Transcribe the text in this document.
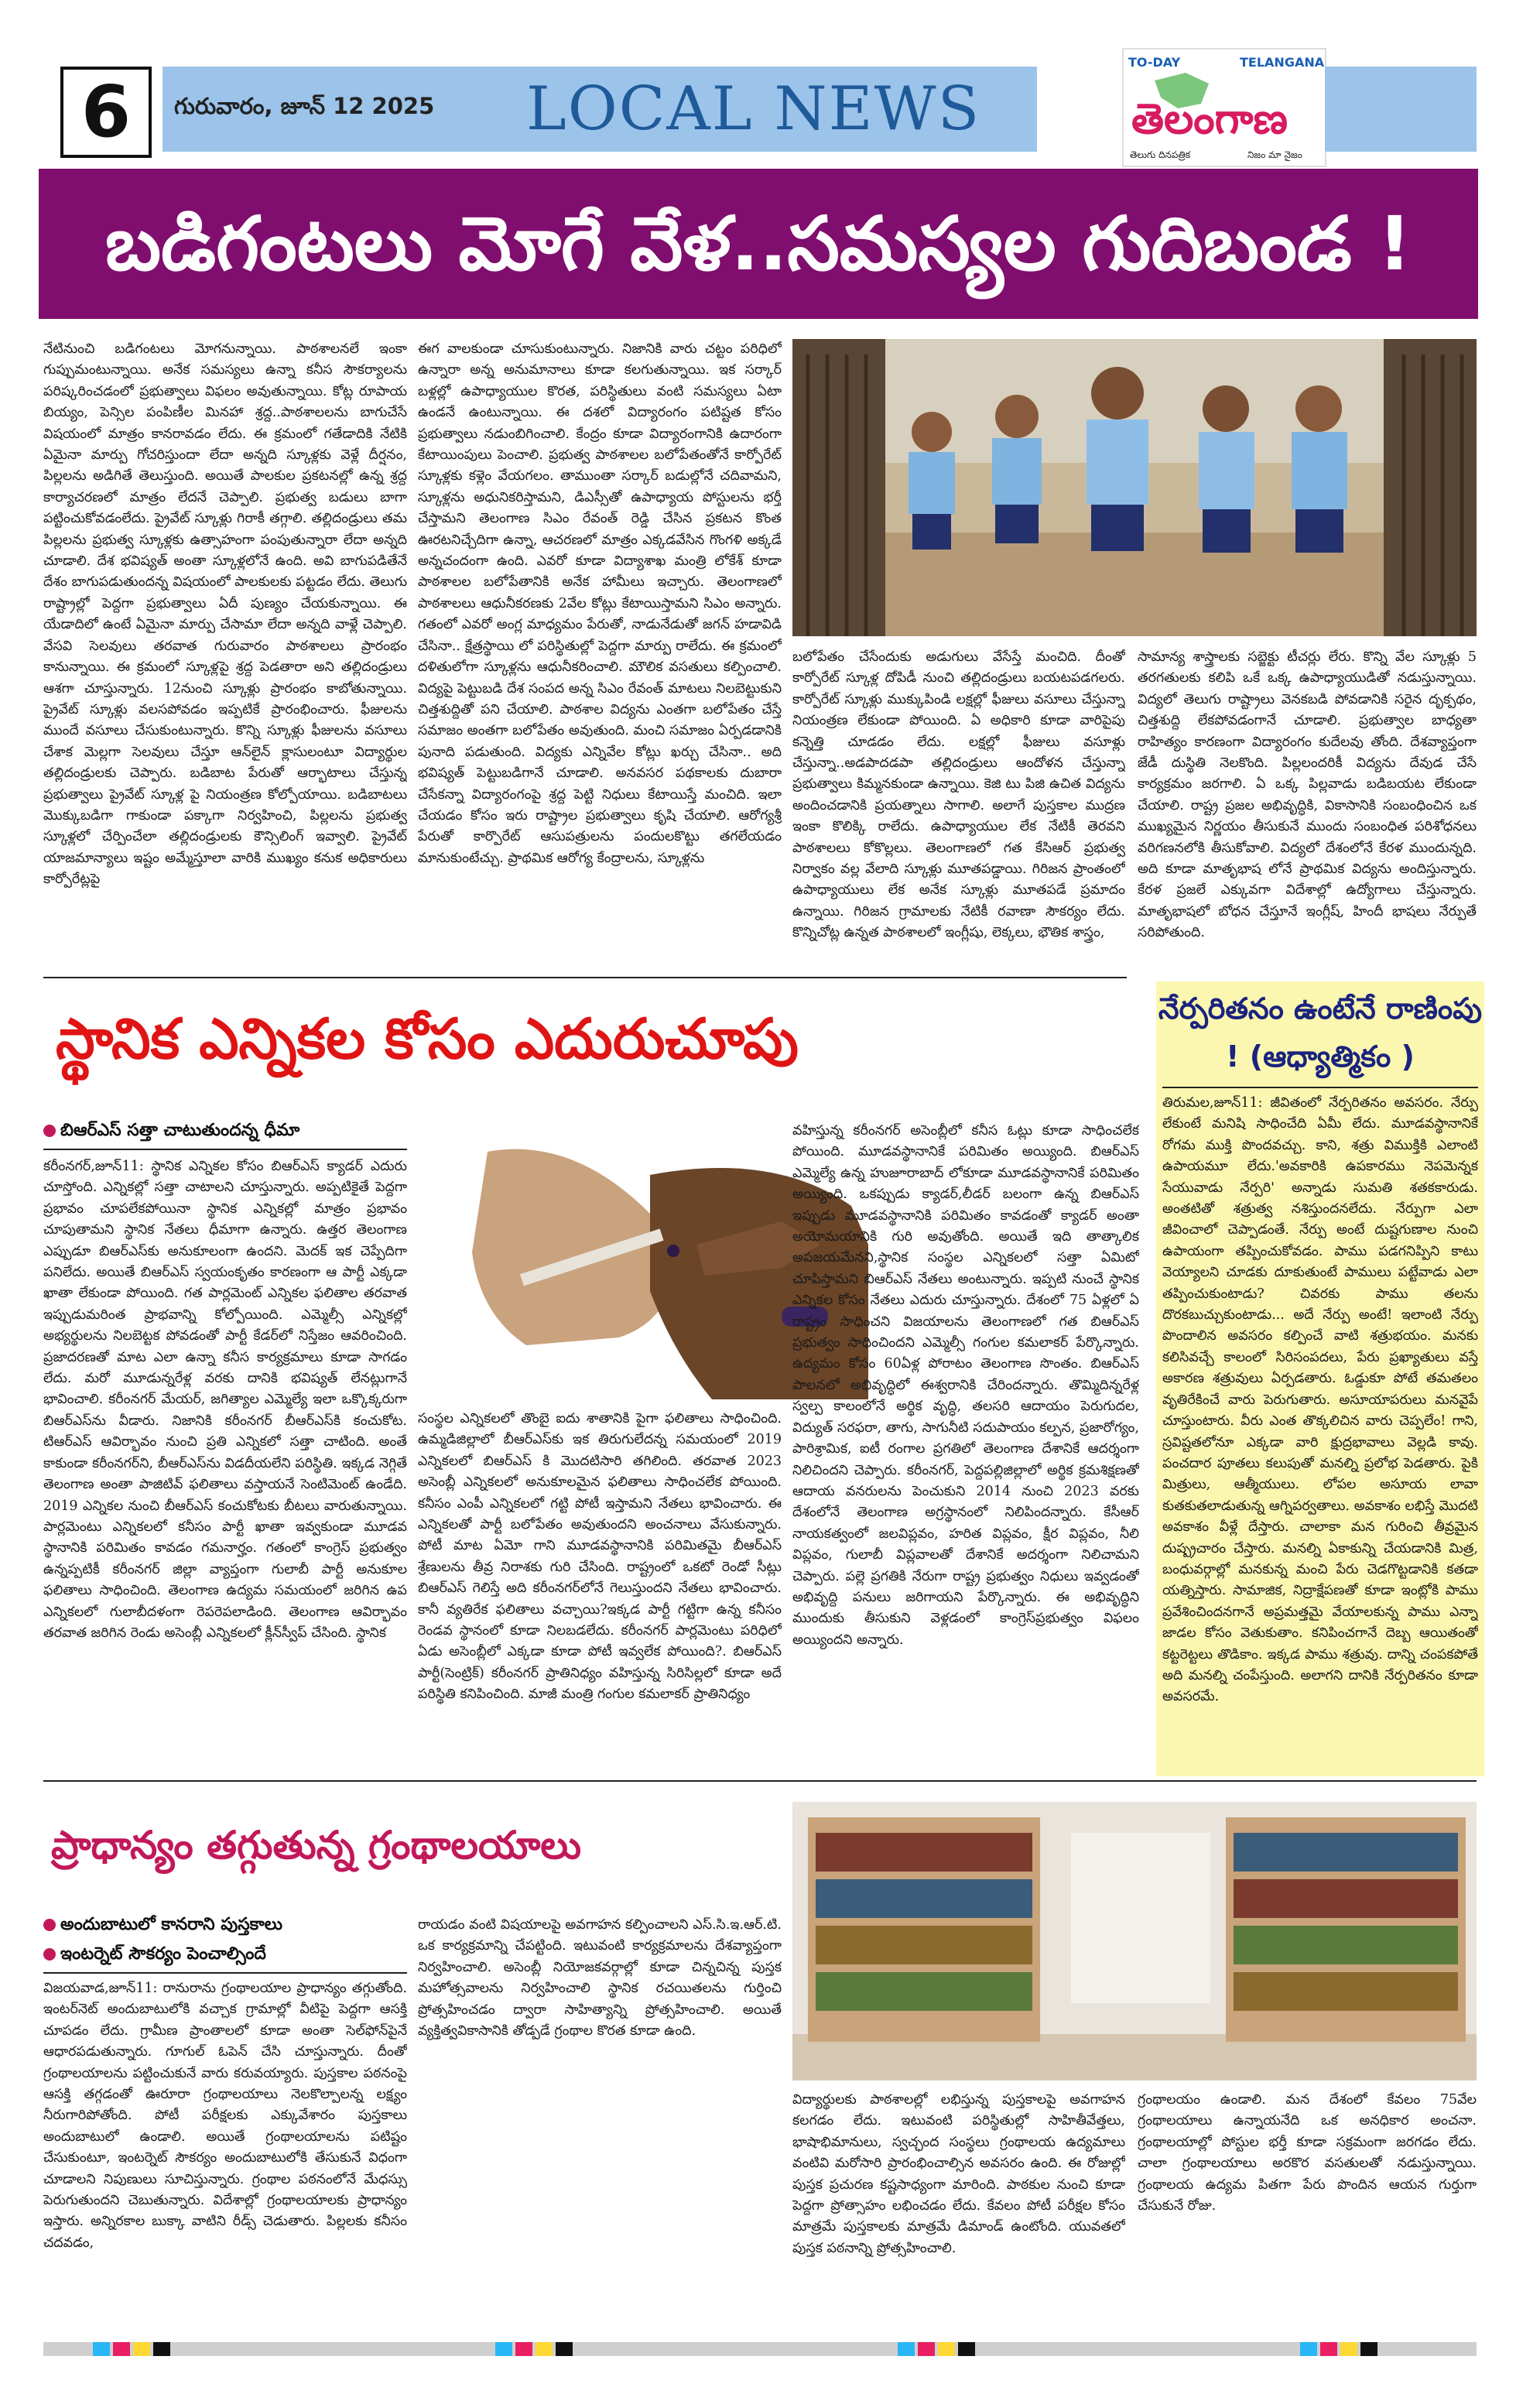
6	గురువారం, జూన్ 12 2025 LOCAL NEWS
TO-DAY	TELANGANA
తెలంగాణ
తెలుగు దినపత్రిక	నిజం మా నైజం
బడిగంటలు మోగే వేళ..సమస్యల గుదిబండ !
నేటినుంచి బడిగంటలు మోగనున్నాయి. పాఠశాలనలే ఇంకా గుప్పుమంటున్నాయి. అనేక సమస్యలు ఉన్నా కనీస సౌకర్యాలను పరిష్కరించడంలో ప్రభుత్వాలు విఫలం అవుతున్నాయి. కోట్ల రూపాయ బియ్యం, పెన్సిల పంపిణీల మినహా శ్రద్ద..పాఠశాలలను బాగుచేసే విషయంలో మాత్రం కానరావడం లేదు. ఈ క్రమంలో గతేడాదికి నేటికి ఏమైనా మార్పు గోచరిస్తుందా లేదా అన్నది స్కూళ్లకు వెళ్లే దీర్షనం, పిల్లలను అడిగితే తెలుస్తుంది. అయితే పాలకుల ప్రకటనల్లో ఉన్న శ్రద్ద కార్యాచరణలో మాత్రం లేదనే చెప్పాలి. ప్రభుత్వ బడులు బాగా పట్టించుకోవడంలేదు. ప్రైవేట్ స్కూళ్లు గిరాకీ తగ్గాలి. తల్లిదండ్రులు తమ పిల్లలను ప్రభుత్వ స్కూళ్లకు ఉత్సాహంగా పంపుతున్నారా లేదా అన్నది చూడాలి. దేశ భవిష్యత్ అంతా స్కూళ్లలోనే ఉంది. అవి బాగుపడితేనే దేశం బాగుపడుతుందన్న విషయంలో పాలకులకు పట్టడం లేదు. తెలుగు రాష్ట్రాల్లో పెద్దగా ప్రభుత్వాలు ఏదీ పుణ్యం చేయకున్నాయి. ఈ యేడాదిలో ఉంటే ఏమైనా మార్పు చేసామా లేదా అన్నది వాళ్లే చెప్పాలి. వేసవి సెలవులు తరవాత గురువారం పాఠశాలలు ప్రారంభం కానున్నాయి. ఈ క్రమంలో స్కూళ్లపై శ్రద్ద పెడతారా అని తల్లిదండ్రులు ఆశగా చూస్తున్నారు. 12నుంచి స్కూళ్లు ప్రారంభం కాబోతున్నాయి. ప్రైవేట్ స్కూళ్లు వలసపోవడం ఇప్పటికే ప్రారంభించారు. ఫీజులను ముందే వసూలు చేసుకుంటున్నారు. కొన్ని స్కూళ్లు ఫీజులను వసూలు చేశాక మెల్లగా సెలవులు చేస్తూ ఆన్‌లైన్ క్లాసులంటూ విద్యార్థుల తల్లిదండ్రులకు చెప్పారు. బడిబాట పేరుతో ఆర్భాటాలు చేస్తున్న ప్రభుత్వాలు ప్రైవేట్ స్కూళ్ల పై నియంత్రణ కోల్పోయాయి. బడిబాటలు మొక్కుబడిగా గాకుండా పక్కాగా నిర్వహించి, పిల్లలను ప్రభుత్వ స్కూళ్లలో చేర్పించేలా తల్లిదండ్రులకు కౌన్సిలింగ్ ఇవ్వాలి. ప్రైవేట్ యాజమాన్యాలు ఇష్టం అమ్మేస్తూలా వారికి ముఖ్యం కనుక అధికారులు కార్పోరేట్లపై
ఈగ వాలకుండా చూసుకుంటున్నారు. నిజానికి వారు చట్టం పరిధిలో ఉన్నారా అన్న అనుమానాలు కూడా కలగుతున్నాయి. ఇక సర్కార్ బళ్లల్లో ఉపాధ్యాయుల కొరత, పరిస్థితులు వంటి సమస్యలు ఏటా ఉండనే ఉంటున్నాయి. ఈ దశలో విద్యారంగం పటిష్టత కోసం ప్రభుత్వాలు నడుంబిగించాలి. కేంద్రం కూడా విద్యారంగానికి ఉదారంగా కేటాయింపులు పెంచాలి. ప్రభుత్వ పాఠశాలల బలోపేతంతోనే కార్పోరేట్ స్కూళ్లకు కళ్లెం వేయగలం. తాముంతా సర్కార్ బడుల్లోనే చదివామని, స్కూళ్లను అధునికరిస్తామని, డిఎస్సీతో ఉపాధ్యాయ పోస్టులను భర్తీ చేస్తామని తెలంగాణ సిఎం రేవంత్ రెడ్డి చేసిన ప్రకటన కొంత ఊరటనిచ్చేదిగా ఉన్నా, ఆచరణలో మాత్రం ఎక్కడవేసిన గొంగళి అక్కడే అన్నచందంగా ఉంది. ఎవరో కూడా విద్యాశాఖ మంత్రి లోకేశ్ కూడా పాఠశాలల బలోపేతానికి అనేక హామీలు ఇచ్చారు. తెలంగాణలో పాఠశాలలు ఆధునీకరణకు 2వేల కోట్లు కేటాయిస్తామని సిఎం అన్నారు. గతంలో ఎవరో అంగ్ల మాధ్యమం పేరుతో, నాడునేడుతో జగన్ హడావిడి చేసినా.. క్షేత్రస్థాయి లో పరిస్థితుల్లో పెద్దగా మార్పు రాలేదు. ఈ క్రమంలో దళితులోగా స్కూళ్లను ఆధునీకరించాలి. మౌలిక వసతులు కల్పించాలి. విద్యపై పెట్టుబడి దేశ సంపద అన్న సిఎం రేవంత్ మాటలు నిలబెట్టుకుని చిత్తశుద్దితో పని చేయాలి. పాఠశాల విద్యను ఎంతగా బలోపేతం చేస్తే సమాజం అంతగా బలోపేతం అవుతుంది. మంచి సమాజం ఏర్పడడానికి పునాది పడుతుంది. విద్యకు ఎన్నివేల కోట్లు ఖర్చు చేసినా.. అది భవిష్యత్ పెట్టుబడిగానే చూడాలి. అనవసర పథకాలకు దుబారా చేసేకన్నా విద్యారంగంపై శ్రద్ద పెట్టి నిధులు కేటాయిస్తే మంచిది. ఇలా చేయడం కోసం ఇరు రాష్ట్రాల ప్రభుత్వాలు కృషి చేయాలి. ఆరోగ్యశ్రీ పేరుతో కార్పొరేట్ ఆసుపత్రులను పందులకొట్టు తగలేయడం మానుకుంటేచ్చు. ప్రాథమిక ఆరోగ్య కేంద్రాలను, స్కూళ్లను
బలోపేతం చేసేందుకు అడుగులు వేసేస్తే మంచిది. దీంతో కార్పోరేట్ స్కూళ్ల దోపిడీ నుంచి తల్లిదండ్రులు బయటపడగలరు. కార్పోరేట్ స్కూళ్లు ముక్కుపిండి లక్షల్లో ఫీజులు వసూలు చేస్తున్నా నియంత్రణ లేకుండా పోయింది. ఏ అధికారి కూడా వారిపైపు కన్నెత్తి చూడడం లేదు. లక్షల్లో ఫీజులు వసూళ్లు చేస్తున్నా..అడపాదడపా తల్లిదండ్రులు ఆందోళన చేస్తున్నా ప్రభుత్వాలు కిమ్మనకుండా ఉన్నాయి. కెజి టు పిజి ఉచిత విద్యను అందించడానికి ప్రయత్నాలు సాగాలి. అలాగే పుస్తకాల ముద్రణ ఇంకా కొలిక్కి రాలేదు. ఉపాధ్యాయుల లేక నేటికీ తెరవని పాఠశాలలు కోకొల్లలు. తెలంగాణలో గత కేసిఆర్ ప్రభుత్వ నిర్వాకం వల్ల వేలాది స్కూళ్లు మూతపడ్డాయి. గిరిజన ప్రాంతంలో ఉపాధ్యాయులు లేక అనేక స్కూళ్లు మూతపడే ప్రమాదం ఉన్నాయి. గిరిజన గ్రామాలకు నేటికీ రవాణా సౌకర్యం లేదు. కొన్నిచోట్ల ఉన్నత పాఠశాలలో ఇంగ్లీషు, లెక్కలు, భౌతిక శాస్త్రం,
సామాన్య శాస్త్రాలకు సబ్జెక్టు టీచర్లు లేరు. కొన్ని వేల స్కూళ్లు 5 తరగతులకు కలిపి ఒకే ఒక్క ఉపాధ్యాయుడితో నడుస్తున్నాయి. విద్యలో తెలుగు రాష్ట్రాలు వెనకబడి పోవడానికి సరైన దృక్పథం, చిత్తశుద్ది లేకపోవడంగానే చూడాలి. ప్రభుత్వాల బాధ్యతా రాహిత్యం కారణంగా విద్యారంగం కుదేలవు తోంది. దేశవ్యాప్తంగా జేడీ దుస్థితి నెలకొంది. పిల్లలందరికీ విద్యను దేవుడ చేసే కార్యక్రమం జరగాలి. ఏ ఒక్క పిల్లవాడు బడిబయట లేకుండా చేయాలి. రాష్ట్ర ప్రజల అభివృద్ధికి, వికాసానికి సంబంధించిన ఒక ముఖ్యమైన నిర్ణయం తీసుకునే ముందు సంబంధిత పరిశోధనలు వరిగణనలోకి తీసుకోవాలి. విద్యలో దేశంలోనే కేరళ ముందున్నది. అది కూడా మాతృభాష లోనే ప్రాథమిక విద్యను అందిస్తున్నారు. కేరళ ప్రజలే ఎక్కువగా విదేశాల్లో ఉద్యోగాలు చేస్తున్నారు. మాతృభాషలో బోధన చేస్తూనే ఇంగ్లీష్, హిందీ భాషలు నేర్పుతే సరిపోతుంది.
స్థానిక ఎన్నికల కోసం ఎదురుచూపు
బిఆర్ఎస్ సత్తా చాటుతుందన్న ధీమా
కరీంనగర్,జూన్11: స్థానిక ఎన్నికల కోసం బిఆర్ఎస్ క్యాడర్ ఎదురు చూస్తోంది. ఎన్నికల్లో సత్తా చాటాలని చూస్తున్నారు. అప్పటికైతే పెద్దగా ప్రభావం చూపలేకపోయినా స్థానిక ఎన్నికల్లో మాత్రం ప్రభావం చూపుతామని స్థానిక నేతలు ధీమాగా ఉన్నారు. ఉత్తర తెలంగాణ ఎప్పుడూ బిఆర్ఎస్‌కు అనుకూలంగా ఉందని. మెదక్ ఇక చెప్పేదిగా పనిలేదు. అయితే బిఆర్ఎస్ స్వయంకృతం కారణంగా ఆ పార్టీ ఎక్కడా ఖాతా లేకుండా పోయింది. గత పార్లమెంట్ ఎన్నికల ఫలితాల తరవాత ఇప్పుడుమరింత ప్రాభవాన్ని కోల్పోయింది. ఎమ్మెల్సీ ఎన్నికల్లో అభ్యర్థులను నిలబెట్టక పోవడంతో పార్టీ కేడర్‌లో నిస్తేజం ఆవరించింది. ప్రజాదరణతో మాట ఎలా ఉన్నా కనీస కార్యక్రమాలు కూడా సాగడం లేదు. మరో మూడున్నరేళ్ల వరకు దానికి భవిష్యత్ లేనట్లుగానే భావించాలి. కరీంనగర్ మేయర్, జగిత్యాల ఎమ్మెల్యే ఇలా ఒక్కొక్కరుగా బిఆర్ఎస్‌ను వీడారు. నిజానికి కరీంనగర్ బీఆర్ఎస్‌కి కంచుకోట. టిఆర్ఎస్ ఆవిర్భావం నుంచి ప్రతి ఎన్నికలో సత్తా చాటింది. అంతే కాకుండా కరీంనగర్‌ని, బీఆర్ఎస్‌ను విడదీయలేని పరిస్థితి. ఇక్కడ నెగ్గితే తెలంగాణ అంతా పాజిటివ్ ఫలితాలు వస్తాయనే సెంటిమెంట్ ఉండేది. 2019 ఎన్నికల నుంచి బీఆర్ఎస్ కంచుకోటకు బీటలు వారుతున్నాయి. పార్లమెంటు ఎన్నికలలో కనీసం పార్టీ ఖాతా ఇవ్వకుండా మూడవ స్థానానికి పరిమితం కావడం గమనార్హం. గతంలో కాంగ్రెస్ ప్రభుత్వం ఉన్నప్పటికీ కరీంనగర్ జిల్లా వ్యాప్తంగా గులాబీ పార్టీ అనుకూల ఫలితాలు సాధించింది. తెలంగాణ ఉద్యమ సమయంలో జరిగిన ఉప ఎన్నికలలో గులాబీదళంగా రెపరెపలాడింది. తెలంగాణ ఆవిర్భావం తరవాత జరిగిన రెండు అసెంబ్లీ ఎన్నికలలో క్లీన్‌స్వీప్ చేసింది. స్థానిక
సంస్థల ఎన్నికలలో తొంబై ఐదు శాతానికి పైగా ఫలితాలు సాధించింది. ఉమ్మడిజిల్లాలో బీఆర్ఎస్‌కు ఇక తిరుగులేదన్న సమయంలో 2019 ఎన్నికలలో బిఆర్ఎస్ కి మొదటిసారి తగిలింది. తరవాత 2023 అసెంబ్లీ ఎన్నికలలో అనుకూలమైన ఫలితాలు సాధించలేక పోయింది. కనీసం ఎంపీ ఎన్నికలలో గట్టి పోటీ ఇస్తామని నేతలు భావించారు. ఈ ఎన్నికలతో పార్టీ బలోపేతం అవుతుందని అంచనాలు వేసుకున్నారు. పోటీ మాట ఏమో గాని మూడవస్థానానికి పరిమితమై బీఆర్ఎస్ శ్రేణులను తీవ్ర నిరాశకు గురి చేసింది. రాష్ట్రంలో ఒకటో రెండో సీట్లు బిఆర్ఎస్ గెలిస్తే అది కరీంనగర్‌లోనే గెలుస్తుందని నేతలు భావించారు. కానీ వ్యతిరేక ఫలితాలు వచ్చాయి?ఇక్కడ పార్టీ గట్టిగా ఉన్న కనీసం రెండవ స్థానంలో కూడా నిలబడలేదు. కరీంనగర్ పార్లమెంటు పరిధిలో ఏడు అసెంబ్లీలో ఎక్కడా కూడా పోటీ ఇవ్వలేక పోయింది?. బిఆర్ఎస్ పార్టీ(సెంట్రిక్) కరీంనగర్ ప్రాతినిధ్యం వహిస్తున్న సిరిసిల్లలో కూడా అదే పరిస్థితి కనిపించింది. మాజీ మంత్రి గంగుల కమలాకర్ ప్రాతినిధ్యం
వహిస్తున్న కరీంనగర్ అసెంబ్లీలో కనీస ఓట్లు కూడా సాధించలేక పోయింది. మూడవస్థానానికే పరిమితం అయ్యింది. బిఆర్ఎస్ ఎమ్మెల్యే ఉన్న హుజూరాబాద్ లోకూడా మూడవస్థానానికే పరిమితం అయ్యింది. ఒకప్పుడు క్యాడర్,లీడర్ బలంగా ఉన్న బిఆర్ఎస్ ఇప్పుడు మూడవస్థానానికి పరిమితం కావడంతో క్యాడర్ అంతా అయోమయానికి గురి అవుతోంది. అయితే ఇది తాత్కాలిక అపజయమేనని,స్థానిక సంస్థల ఎన్నికలలో సత్తా ఏమిటో చూపిస్తామని బిఆర్ఎస్ నేతలు అంటున్నారు. ఇప్పటి నుంచే స్థానిక ఎన్నికల కోసం నేతలు ఎదురు చూస్తున్నారు. దేశంలో 75 ఏళ్లలో ఏ రాష్ట్రం సాధించని విజయాలను తెలంగాణలో గత బిఆర్ఎస్ ప్రభుత్వం సాధించిందని ఎమ్మెల్సీ గంగుల కమలాకర్ పేర్కొన్నారు. ఉద్యమం కోసం 60ఏళ్ల పోరాటం తెలంగాణ సొంతం. బిఆర్ఎస్ పాలనలో అభివృద్ధిలో ఈశ్వరానికి చేరిందన్నారు. తొమ్మిదిన్నరేళ్ల స్వల్ప కాలంలోనే అర్థిక వృద్ధి, తలసరి ఆదాయం పెరుగుదల, విద్యుత్ సరఫరా, తాగు, సాగునీటి సదుపాయం కల్పన, ప్రజారోగ్యం, పారిశ్రామిక, ఐటీ రంగాల ప్రగతిలో తెలంగాణ దేశానికే ఆదర్శంగా నిలిచిందని చెప్పారు. కరీంనగర్, పెద్దపల్లిజిల్లాలో అర్థిక క్రమశిక్షణతో ఆదాయ వనరులను పెంచుకుని 2014 నుంచి 2023 వరకు దేశంలోనే తెలంగాణ అగ్రస్థానంలో నిలిపిందన్నారు. కేసీఆర్ నాయకత్వంలో జలవిప్లవం, హరిత విప్లవం, క్షీర విప్లవం, నీలి విప్లవం, గులాబీ విప్లవాలతో దేశానికే అదర్శంగా నిలిచామని చెప్పారు. పల్లె ప్రగతికి నేరుగా రాష్ట్ర ప్రభుత్వం నిధులు ఇవ్వడంతో అభివృద్ది పనులు జరిగాయని పేర్కొన్నారు. ఈ అభివృద్ధిని ముందుకు తీసుకుని వెళ్లడంలో కాంగ్రెస్‌ప్రభుత్వం విఫలం అయ్యిందని అన్నారు.
నేర్పరితనం ఉంటేనే రాణింపు ! (ఆధ్యాత్మికం )
తిరుమల,జూన్11: జీవితంలో నేర్పరితనం అవసరం. నేర్పు లేకుంటే మనిషి సాధించేది ఏమీ లేదు. మూడవస్థానానికే రోగమ ముక్తి పొందవచ్చు. కాని, శత్రు విముక్తికి ఎలాంటి ఉపాయమూ లేదు.'అవకారికి ఉపకారము నెపమెన్నక సేయువాడు నేర్పరి' అన్నాడు సుమతి శతకకారుడు. అంతటితో శత్రుత్వ నశిస్తుందనలేదు. నేర్పుగా ఎలా జీవించాలో చెప్పాడంతే. నేర్పు అంటే దుష్టగుణాల నుంచి ఉపాయంగా తప్పించుకోవడం. పాము పడగనిప్పిని కాటు వెయ్యాలని చూడకు దూకుతుంటే పాములు పట్టేవాడు ఎలా తప్పించుకుంటాడు? చివరకు పాము తలను దొరకబుచ్చుకుంటాడు... అదే నేర్పు అంటే! ఇలాంటి నేర్పు పొందాలిన అవసరం కల్పించే వాటి శత్రుభయం. మనకు కలిసివచ్చే కాలంలో సిరిసంపదలు, పేరు ప్రఖ్యాతులు వస్తే అకారణ శత్రువులు ఏర్పడతారు. ఓడ్డుకూ పోటే తమతలం వృతిరేకించే వారు పెరుగుతారు. అసూయాపరులు మనవైపే చూస్తుంటారు. వీరు ఎంత తొక్కలిచిన వారు చెప్పలేం! గాని, స్రవిష్టతలోనూ ఎక్కడా వారి క్షుద్రభావాలు వెల్లడి కావు. పంచదార పూతలు కలుపుతో మనల్ని ప్రలోభ పెడతారు. పైకి మిత్రులు, ఆత్మీయులు. లోపల అసూయ లావా కుతకుతలాడుతున్న ఆగ్నిపర్వతాలు. అవకాశం లభిస్తే మొదటి అవకాశం వీళ్లే దేస్తారు. చాలాకా మన గురించి తీవ్రమైన దుష్ప్రచారం చేస్తారు. మనల్ని ఏకాకున్ని చేయడానికి మిత్ర, బంధువర్గాల్లో మనకున్న మంచి పేరు చెడగొట్టడానికి కతడా యత్నిస్తారు. సామాజిక, నిద్రాక్షేపణతో కూడా ఇంట్లోకి పాము ప్రవేశించిందనగానే అప్రమత్తమై వేయాలకున్న పాము ఎన్నా జాడల కోసం వెతుకుతాం. కనిపించగానే దెబ్బ ఆయితంతో కట్టరెట్టలు తొడికాం. ఇక్కడ పాము శత్రువు. దాన్ని చంపకపోతే అది మనల్ని చంపేస్తుంది. అలాగని దానికి నేర్పరితనం కూడా అవసరమే.
ప్రాధాన్యం తగ్గుతున్న గ్రంథాలయాలు
అందుబాటులో కానరాని పుస్తకాలు
ఇంటర్నెట్ సౌకర్యం పెంచాల్సిందే
విజయవాడ,జూన్11: రానురాను గ్రంథాలయాల ప్రాధాన్యం తగ్గుతోంది. ఇంటర్‌నెట్ అందుబాటులోకి వచ్చాక గ్రామాల్లో వీటిపై పెద్దగా ఆసక్తి చూపడం లేదు. గ్రామీణ ప్రాంతాలలో కూడా అంతా సెల్‌ఫోన్‌పైనే ఆధారపడుతున్నారు. గూగుల్ ఓపెన్ చేసి చూస్తున్నారు. దీంతో గ్రంథాలయాలను పట్టించుకునే వారు కరువయ్యారు. పుస్తకాల పఠనంపై ఆసక్తి తగ్గడంతో ఊరూరా గ్రంథాలయాలు నెలకొల్పాలన్న లక్ష్యం నీరుగారిపోతోంది. పోటీ పరీక్షలకు ఎక్కువేశారం పుస్తకాలు అందుబాటులో ఉండాలి. అయితే గ్రంథాలయాలను పటిష్టం చేసుకుంటూ, ఇంటర్నెట్ సౌకర్యం అందుబాటులోకి తేసుకునే విధంగా చూడాలని నిపుణులు సూచిస్తున్నారు. గ్రంథాల పఠనంలోనే మేధస్సు పెరుగుతుందని చెబుతున్నారు. విదేశాల్లో గ్రంథాలయాలకు ప్రాధాన్యం ఇస్తారు. అన్నిరకాల బుక్కా వాటిని రీడ్స్ చెడుతారు. పిల్లలకు కనీసం చదవడం,
రాయడం వంటి విషయాలపై అవగాహన కల్పించాలని ఎస్.సి.ఇ.ఆర్.టి. ఒక కార్యక్రమాన్ని చేపట్టింది. ఇటువంటి కార్యక్రమాలను దేశవ్యాప్తంగా నిర్వహించాలి. అసెంబ్లీ నియోజకవర్గాల్లో కూడా చిన్నచిన్న పుస్తక మహోత్సవాలను నిర్వహించాలి స్థానిక రచయితలను గుర్తించి ప్రోత్సహించడం ద్వారా సాహిత్యాన్ని ప్రోత్సహించాలి. అయితే వ్యక్తిత్వవికాసానికి తోడ్పడే గ్రంథాల కొరత కూడా ఉంది.
విద్యార్థులకు పాఠశాలల్లో లభిస్తున్న పుస్తకాలపై అవగాహన కలగడం లేదు. ఇటువంటి పరిస్థితుల్లో సాహితీవేత్తలు, భాషాభిమానులు, స్వచ్ఛంద సంస్థలు గ్రంథాలయ ఉద్యమాలు వంటివి మరోసారి ప్రారంభించాల్సిన అవసరం ఉంది. ఈ రోజుల్లో పుస్తక ప్రచురణ కష్టసాధ్యంగా మారింది. పాఠకుల నుంచి కూడా పెద్దగా ప్రోత్సాహం లభించడం లేదు. కేవలం పోటీ పరీక్షల కోసం మాత్రమే పుస్తకాలకు మాత్రమే డిమాండ్ ఉంటోంది. యువతలో పుస్తక పఠనాన్ని ప్రోత్సహించాలి.
గ్రంథాలయం ఉండాలి. మన దేశంలో కేవలం 75వేల గ్రంథాలయాలు ఉన్నాయనేది ఒక అనధికార అంచనా. గ్రంథాలయాల్లో పోస్టుల భర్తీ కూడా సక్రమంగా జరగడం లేదు. చాలా గ్రంథాలయాలు అరకొర వసతులతో నడుస్తున్నాయి. గ్రంథాలయ ఉద్యమ పితగా పేరు పొందిన ఆయన గుర్తుగా చేసుకునే రోజు.
